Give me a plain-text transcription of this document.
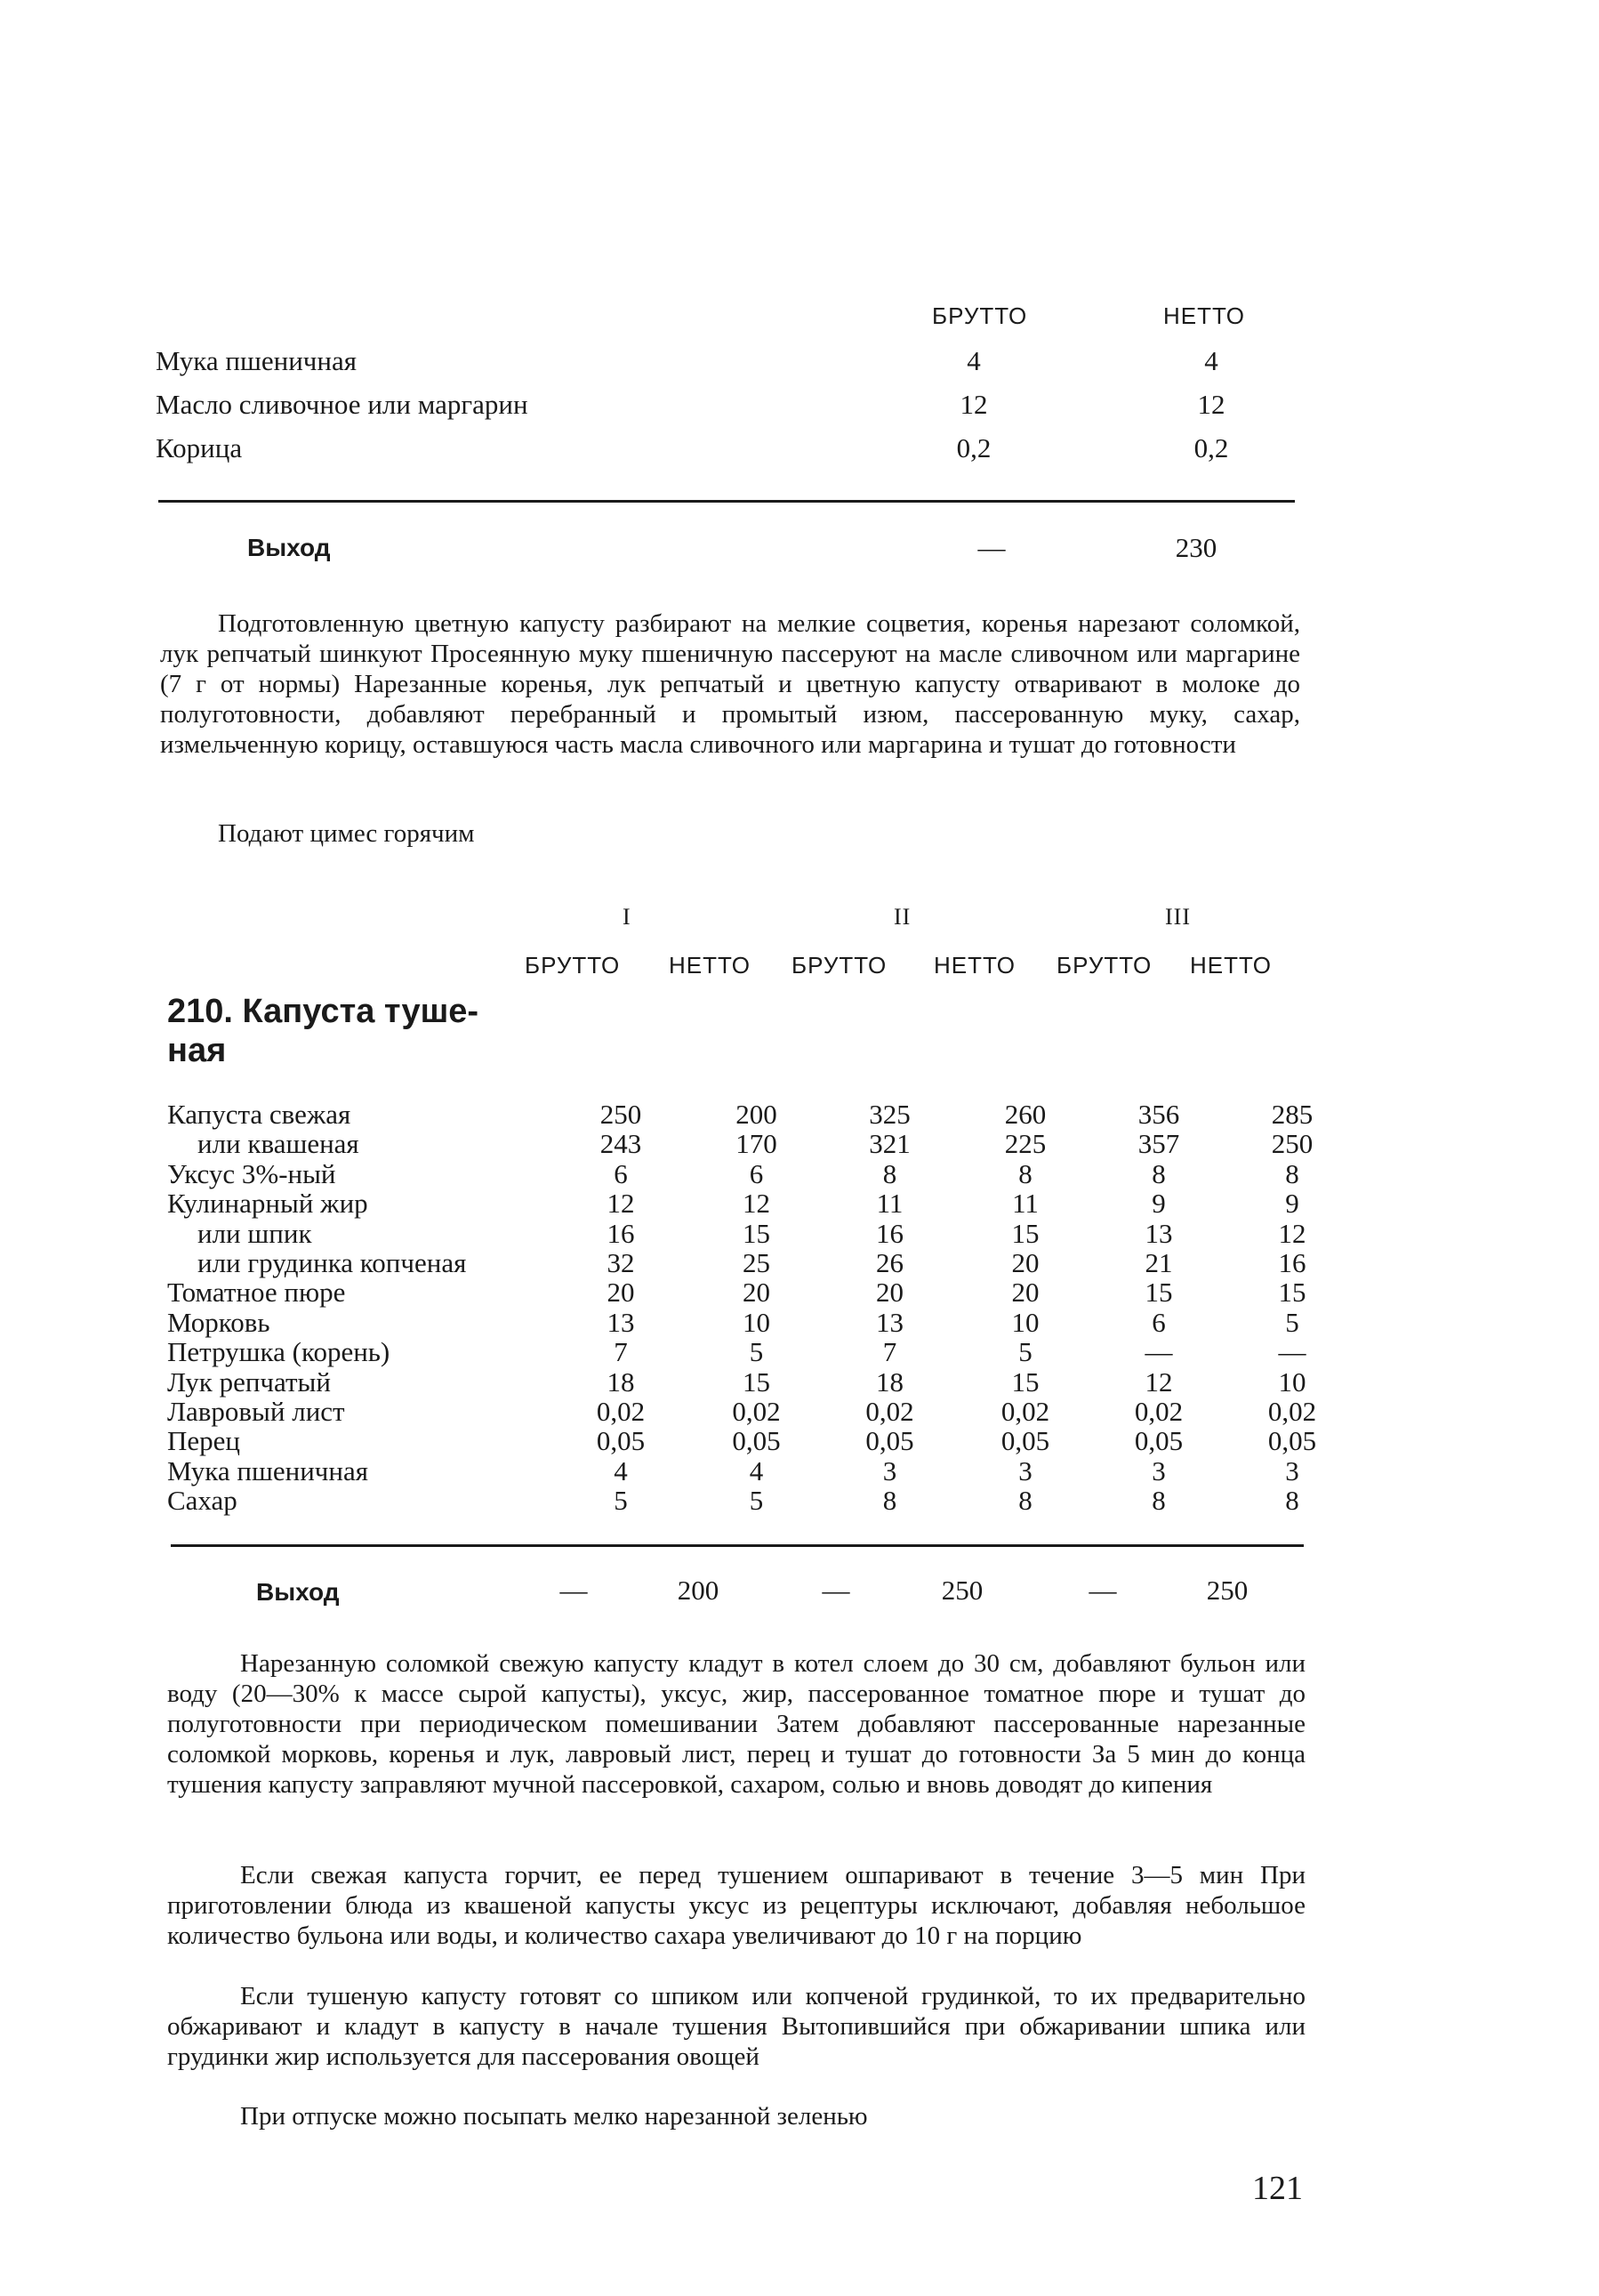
БРУТТО	НЕТТО
Мука пшеничная	4	4
Масло сливочное или маргарин	12	12
Корица	0,2	0,2
Выход	—	230
Подготовленную цветную капусту разбирают на мелкие соцветия, коренья нарезают соломкой, лук репчатый шинкуют Просеянную муку пшеничную пассеруют на масле сливочном или маргарине (7 г от нормы) Нарезанные коренья, лук репчатый и цветную капусту отваривают в молоке до полуготовности, добавляют перебранный и промытый изюм, пассерованную муку, сахар, измельченную корицу, оставшуюся часть масла сливочного или маргарина и тушат до готовности
Подают цимес горячим
I	II	III
БРУТТО НЕТТО БРУТТО НЕТТО БРУТТО НЕТТО
210. Капуста туше-
ная
Капуста свежая	250	200	325	260	356	285
или квашеная	243	170	321	225	357	250
Уксус 3%-ный	6	6	8	8	8	8
Кулинарный жир	12	12	11	11	9	9
или шпик	16	15	16	15	13	12
или грудинка копченая	32	25	26	20	21	16
Томатное пюре	20	20	20	20	15	15
Морковь	13	10	13	10	6	5
Петрушка (корень)	7	5	7	5	—	—
Лук репчатый	18	15	18	15	12	10
Лавровый лист	0,02	0,02	0,02	0,02	0,02	0,02
Перец	0,05	0,05	0,05	0,05	0,05	0,05
Мука пшеничная	4	4	3	3	3	3
Сахар	5	5	8	8	8	8
Выход	—	200	—	250	—	250
Нарезанную соломкой свежую капусту кладут в котел слоем до 30 см, добавляют бульон или воду (20—30% к массе сырой капусты), уксус, жир, пассерованное томатное пюре и тушат до полуготовности при периодическом помешивании Затем добавляют пассерованные нарезанные соломкой морковь, коренья и лук, лавровый лист, перец и тушат до готовности За 5 мин до конца тушения капусту заправляют мучной пассеровкой, сахаром, солью и вновь доводят до кипения
Если свежая капуста горчит, ее перед тушением ошпаривают в течение 3—5 мин При приготовлении блюда из квашеной капусты уксус из рецептуры исключают, добавляя небольшое количество бульона или воды, и количество сахара увеличивают до 10 г на порцию
Если тушеную капусту готовят со шпиком или копченой грудинкой, то их предварительно обжаривают и кладут в капусту в начале тушения Вытопившийся при обжаривании шпика или грудинки жир используется для пассерования овощей
При отпуске можно посыпать мелко нарезанной зеленью
121
